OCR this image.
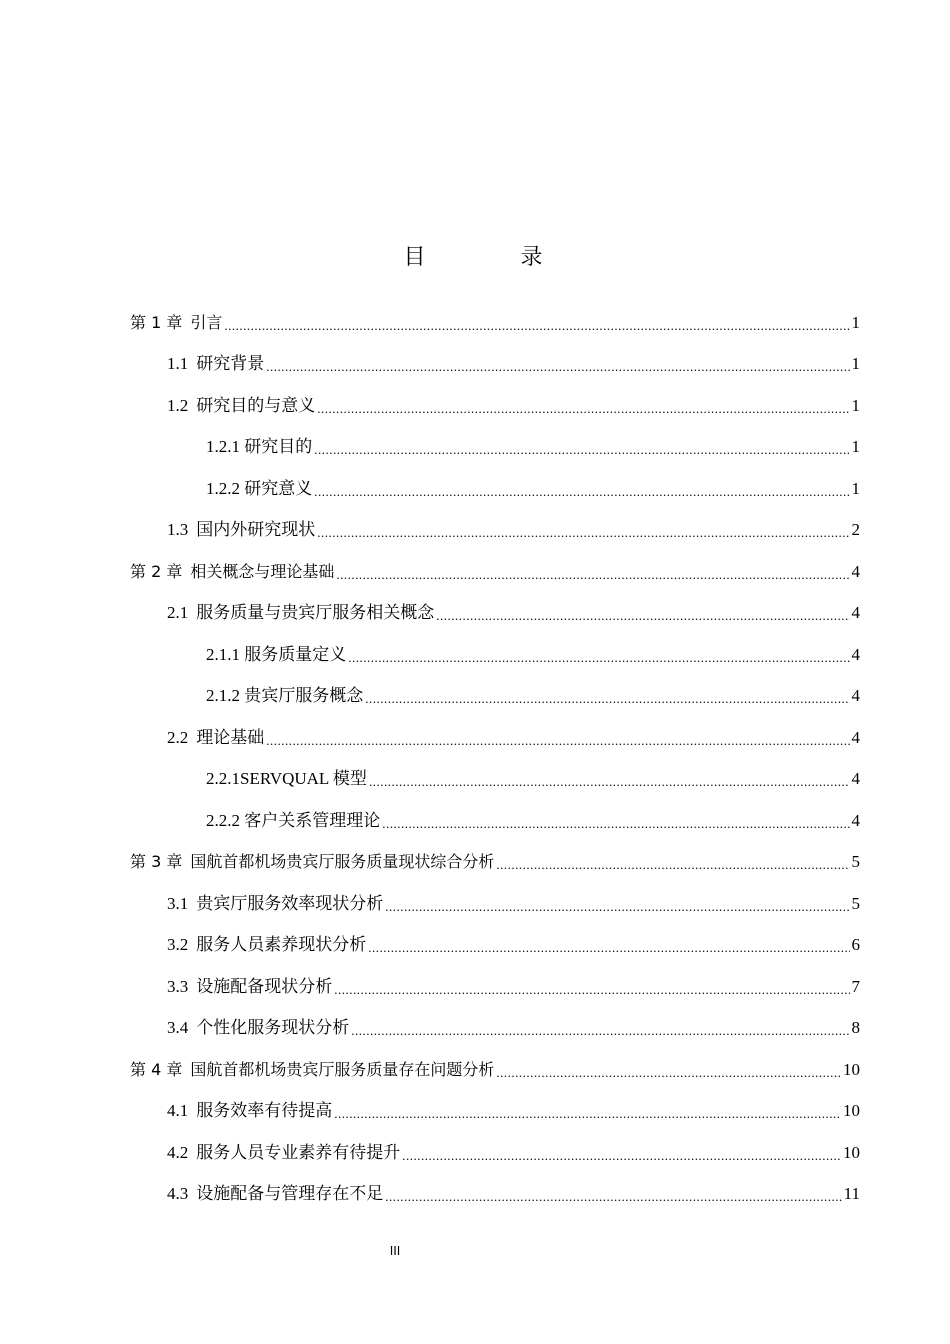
目 录
第 1 章 引言 .....	1
1.1 研究背景 .....	1
1.2 研究目的与意义 .....	1
1.2.1 研究目的 .....	1
1.2.2 研究意义 .....	1
1.3 国内外研究现状 .....	2
第 2 章 相关概念与理论基础 .....	4
2.1 服务质量与贵宾厅服务相关概念 .....	4
2.1.1 服务质量定义 .....	4
2.1.2 贵宾厅服务概念 .....	4
2.2 理论基础 .....	4
2.2.1SERVQUAL 模型 .....	4
2.2.2 客户关系管理理论 .....	4
第 3 章 国航首都机场贵宾厅服务质量现状综合分析 .....	5
3.1 贵宾厅服务效率现状分析 .....	5
3.2 服务人员素养现状分析 .....	6
3.3 设施配备现状分析 .....	7
3.4 个性化服务现状分析 .....	8
第 4 章 国航首都机场贵宾厅服务质量存在问题分析 .....	10
4.1 服务效率有待提高 .....	10
4.2 服务人员专业素养有待提升 .....	10
4.3 设施配备与管理存在不足 .....	11
III
